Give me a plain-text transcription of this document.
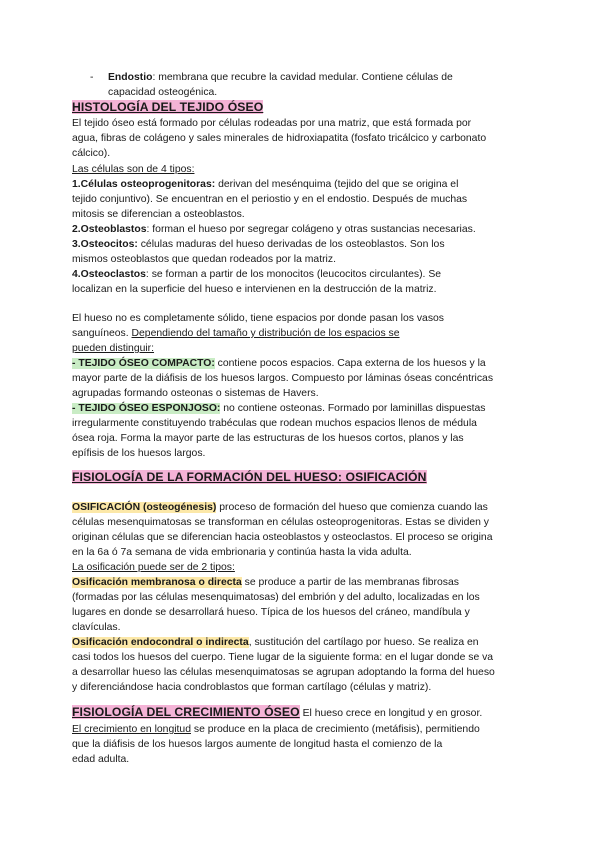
- Endostio: membrana que recubre la cavidad medular. Contiene células de
capacidad osteogénica.
HISTOLOGÍA DEL TEJIDO ÓSEO
El tejido óseo está formado por células rodeadas por una matriz, que está formada por
agua, fibras de colágeno y sales minerales de hidroxiapatita (fosfato tricálcico y carbonato
cálcico).
Las células son de 4 tipos:
1.Células osteoprogenitoras: derivan del mesénquima (tejido del que se origina el
tejido conjuntivo). Se encuentran en el periostio y en el endostio. Después de muchas
mitosis se diferencian a osteoblastos.
2.Osteoblastos: forman el hueso por segregar colágeno y otras sustancias necesarias.
3.Osteocitos: células maduras del hueso derivadas de los osteoblastos. Son los
mismos osteoblastos que quedan rodeados por la matriz.
4.Osteoclastos: se forman a partir de los monocitos (leucocitos circulantes). Se
localizan en la superficie del hueso e intervienen en la destrucción de la matriz.
El hueso no es completamente sólido, tiene espacios por donde pasan los vasos
sanguíneos. Dependiendo del tamaño y distribución de los espacios se
pueden distinguir:
- TEJIDO ÓSEO COMPACTO: contiene pocos espacios. Capa externa de los huesos y la
mayor parte de la diáfisis de los huesos largos. Compuesto por láminas óseas concéntricas
agrupadas formando osteonas o sistemas de Havers.
- TEJIDO ÓSEO ESPONJOSO: no contiene osteonas. Formado por laminillas dispuestas
irregularmente constituyendo trabéculas que rodean muchos espacios llenos de médula
ósea roja. Forma la mayor parte de las estructuras de los huesos cortos, planos y las
epífisis de los huesos largos.
FISIOLOGÍA DE LA FORMACIÓN DEL HUESO: OSIFICACIÓN
OSIFICACIÓN (osteogénesis) proceso de formación del hueso que comienza cuando las
células mesenquimatosas se transforman en células osteoprogenitoras. Estas se dividen y
originan células que se diferencian hacia osteoblastos y osteoclastos. El proceso se origina
en la 6a ó 7a semana de vida embrionaria y continúa hasta la vida adulta.
La osificación puede ser de 2 tipos:
Osificación membranosa o directa se produce a partir de las membranas fibrosas
(formadas por las células mesenquimatosas) del embrión y del adulto, localizadas en los
lugares en donde se desarrollará hueso. Típica de los huesos del cráneo, mandíbula y
clavículas.
Osificación endocondral o indirecta, sustitución del cartílago por hueso. Se realiza en
casi todos los huesos del cuerpo. Tiene lugar de la siguiente forma: en el lugar donde se va
a desarrollar hueso las células mesenquimatosas se agrupan adoptando la forma del hueso
y diferenciándose hacia condroblastos que forman cartílago (células y matriz).
FISIOLOGÍA DEL CRECIMIENTO ÓSEO El hueso crece en longitud y en grosor.
El crecimiento en longitud se produce en la placa de crecimiento (metáfisis), permitiendo
que la diáfisis de los huesos largos aumente de longitud hasta el comienzo de la
edad adulta.
